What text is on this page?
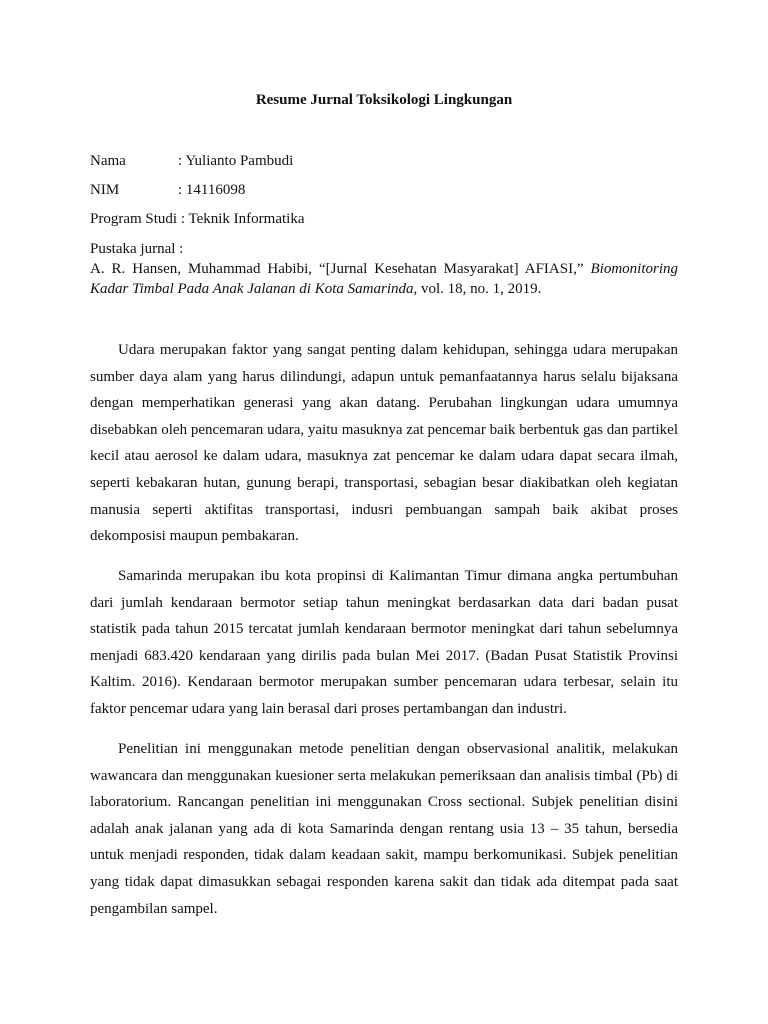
Resume Jurnal Toksikologi Lingkungan
Nama	: Yulianto Pambudi
NIM	: 14116098
Program Studi : Teknik Informatika
Pustaka jurnal :
A. R. Hansen, Muhammad Habibi, “[Jurnal Kesehatan Masyarakat] AFIASI,” Biomonitoring Kadar Timbal Pada Anak Jalanan di Kota Samarinda, vol. 18, no. 1, 2019.

Udara merupakan faktor yang sangat penting dalam kehidupan, sehingga udara merupakan sumber daya alam yang harus dilindungi, adapun untuk pemanfaatannya harus selalu bijaksana dengan memperhatikan generasi yang akan datang. Perubahan lingkungan udara umumnya disebabkan oleh pencemaran udara, yaitu masuknya zat pencemar baik berbentuk gas dan partikel kecil atau aerosol ke dalam udara, masuknya zat pencemar ke dalam udara dapat secara ilmah, seperti kebakaran hutan, gunung berapi, transportasi, sebagian besar diakibatkan oleh kegiatan manusia seperti aktifitas transportasi, indusri pembuangan sampah baik akibat proses dekomposisi maupun pembakaran.

Samarinda merupakan ibu kota propinsi di Kalimantan Timur dimana angka pertumbuhan dari jumlah kendaraan bermotor setiap tahun meningkat berdasarkan data dari badan pusat statistik pada tahun 2015 tercatat jumlah kendaraan bermotor meningkat dari tahun sebelumnya menjadi 683.420 kendaraan yang dirilis pada bulan Mei 2017. (Badan Pusat Statistik Provinsi Kaltim. 2016). Kendaraan bermotor merupakan sumber pencemaran udara terbesar, selain itu faktor pencemar udara yang lain berasal dari proses pertambangan dan industri.

Penelitian ini menggunakan metode penelitian dengan observasional analitik, melakukan wawancara dan menggunakan kuesioner serta melakukan pemeriksaan dan analisis timbal (Pb) di laboratorium. Rancangan penelitian ini menggunakan Cross sectional. Subjek penelitian disini adalah anak jalanan yang ada di kota Samarinda dengan rentang usia 13 – 35 tahun, bersedia untuk menjadi responden, tidak dalam keadaan sakit, mampu berkomunikasi. Subjek penelitian yang tidak dapat dimasukkan sebagai responden karena sakit dan tidak ada ditempat pada saat pengambilan sampel.
